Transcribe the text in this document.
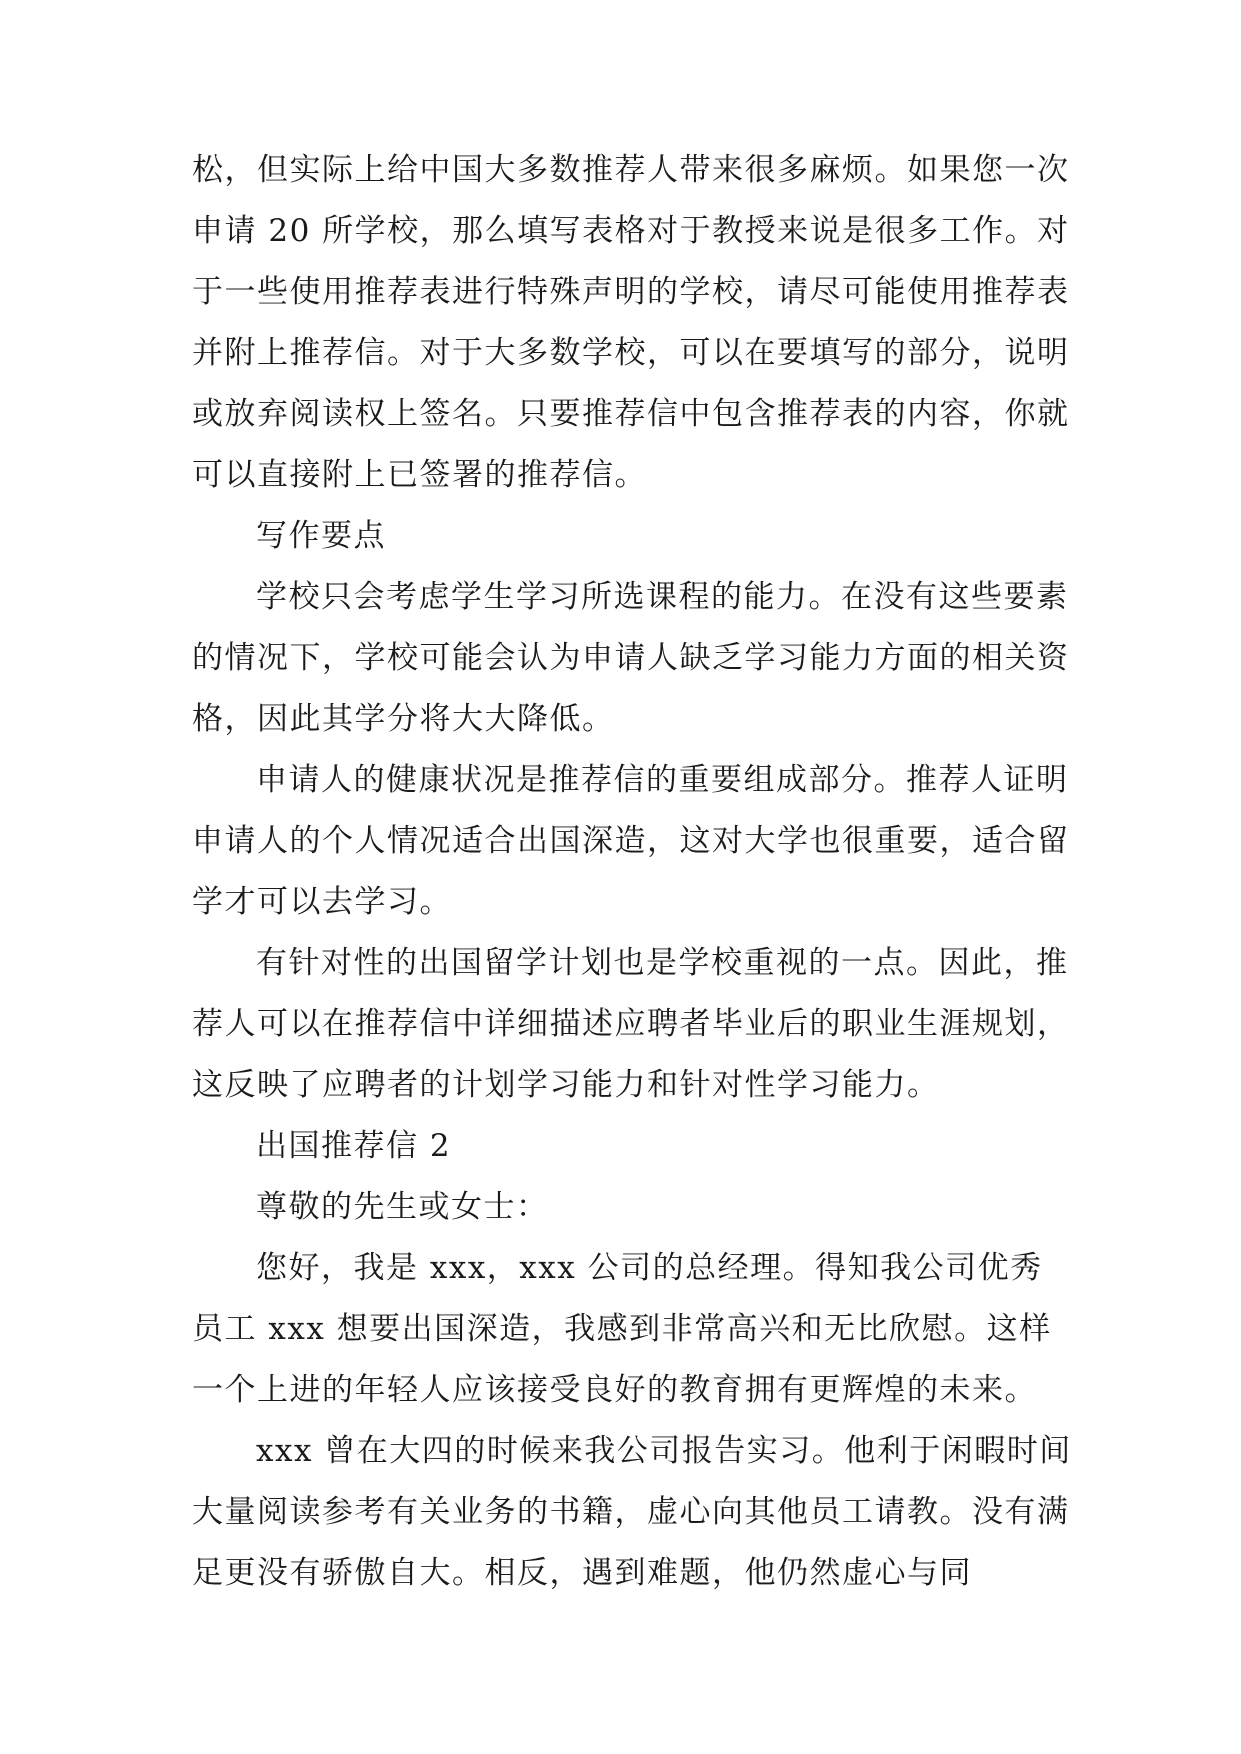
松，但实际上给中国大多数推荐人带来很多麻烦。如果您一次申请 20 所学校，那么填写表格对于教授来说是很多工作。对于一些使用推荐表进行特殊声明的学校，请尽可能使用推荐表并附上推荐信。对于大多数学校，可以在要填写的部分，说明或放弃阅读权上签名。只要推荐信中包含推荐表的内容，你就可以直接附上已签署的推荐信。

写作要点

学校只会考虑学生学习所选课程的能力。在没有这些要素的情况下，学校可能会认为申请人缺乏学习能力方面的相关资格，因此其学分将大大降低。

申请人的健康状况是推荐信的重要组成部分。推荐人证明申请人的个人情况适合出国深造，这对大学也很重要，适合留学才可以去学习。

有针对性的出国留学计划也是学校重视的一点。因此，推荐人可以在推荐信中详细描述应聘者毕业后的职业生涯规划，这反映了应聘者的计划学习能力和针对性学习能力。

出国推荐信 2

尊敬的先生或女士：

您好，我是 xxx，xxx 公司的总经理。得知我公司优秀员工 xxx 想要出国深造，我感到非常高兴和无比欣慰。这样一个上进的年轻人应该接受良好的教育拥有更辉煌的未来。

xxx 曾在大四的时候来我公司报告实习。他利于闲暇时间大量阅读参考有关业务的书籍，虚心向其他员工请教。没有满足更没有骄傲自大。相反，遇到难题，他仍然虚心与同
